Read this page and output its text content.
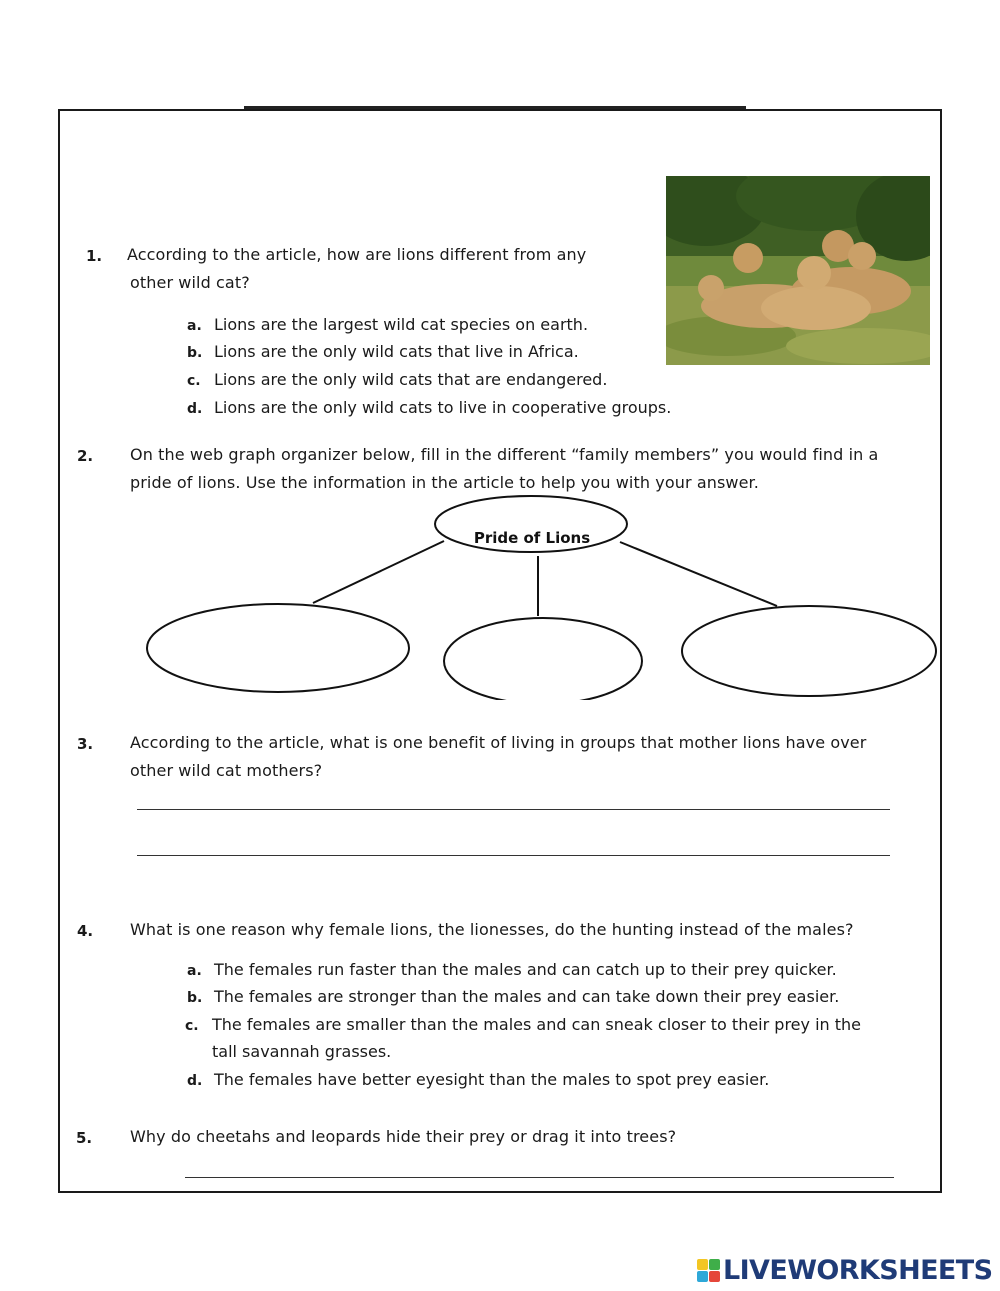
1. According to the article, how are lions different from any
other wild cat?
a. Lions are the largest wild cat species on earth.
b. Lions are the only wild cats that live in Africa.
c. Lions are the only wild cats that are endangered.
d. Lions are the only wild cats to live in cooperative groups.
2. On the web graph organizer below, fill in the different “family members” you would find in a
pride of lions. Use the information in the article to help you with your answer.
Pride of Lions
3. According to the article, what is one benefit of living in groups that mother lions have over
other wild cat mothers?
4. What is one reason why female lions, the lionesses, do the hunting instead of the males?
a. The females run faster than the males and can catch up to their prey quicker.
b. The females are stronger than the males and can take down their prey easier.
c. The females are smaller than the males and can sneak closer to their prey in the
tall savannah grasses.
d. The females have better eyesight than the males to spot prey easier.
5. Why do cheetahs and leopards hide their prey or drag it into trees?
LIVEWORKSHEETS
